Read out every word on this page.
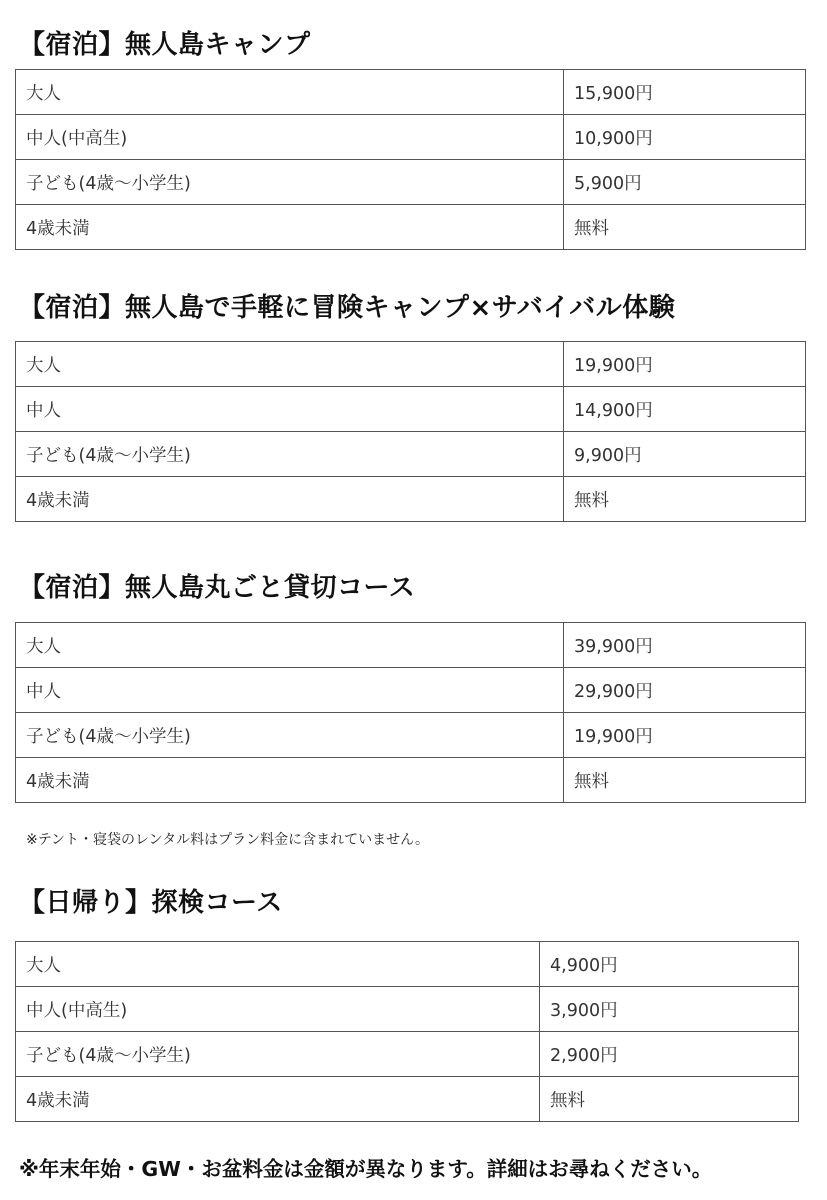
【宿泊】無人島キャンプ
大人	15,900円
中人(中高生)	10,900円
子ども(4歳〜小学生)	5,900円
4歳未満	無料
【宿泊】無人島で手軽に冒険キャンプ×サバイバル体験
大人	19,900円
中人	14,900円
子ども(4歳〜小学生)	9,900円
4歳未満	無料
【宿泊】無人島丸ごと貸切コース
大人	39,900円
中人	29,900円
子ども(4歳〜小学生)	19,900円
4歳未満	無料
※テント・寝袋のレンタル料はプラン料金に含まれていません。
【日帰り】探検コース
大人	4,900円
中人(中高生)	3,900円
子ども(4歳〜小学生)	2,900円
4歳未満	無料
※年末年始・GW・お盆料金は金額が異なります。詳細はお尋ねください。
